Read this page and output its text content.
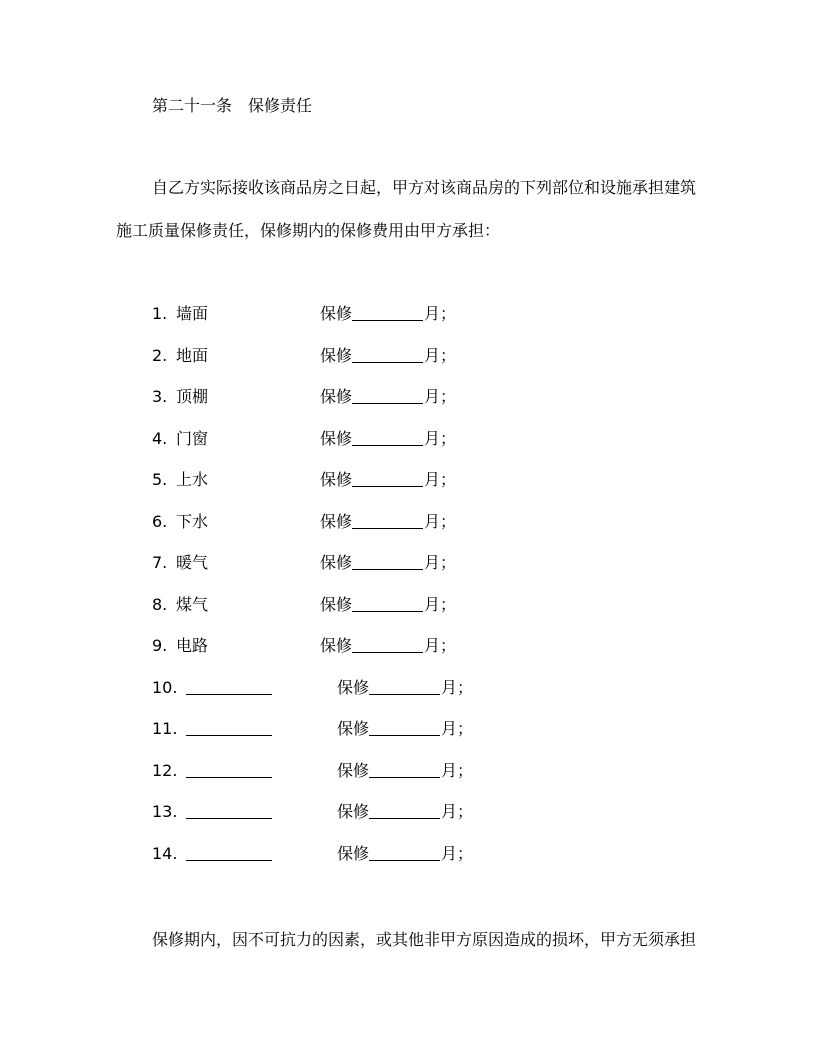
第二十一条　保修责任
自乙方实际接收该商品房之日起，甲方对该商品房的下列部位和设施承担建筑
施工质量保修责任，保修期内的保修费用由甲方承担：
1. 墙面	保修	月；
2. 地面	保修	月；
3. 顶棚	保修	月；
4. 门窗	保修	月；
5. 上水	保修	月；
6. 下水	保修	月；
7. 暖气	保修	月；
8. 煤气	保修	月；
9. 电路	保修	月；
10.	保修	月；
11.	保修	月；
12.	保修	月；
13.	保修	月；
14.	保修	月；
保修期内，因不可抗力的因素，或其他非甲方原因造成的损坏，甲方无须承担
